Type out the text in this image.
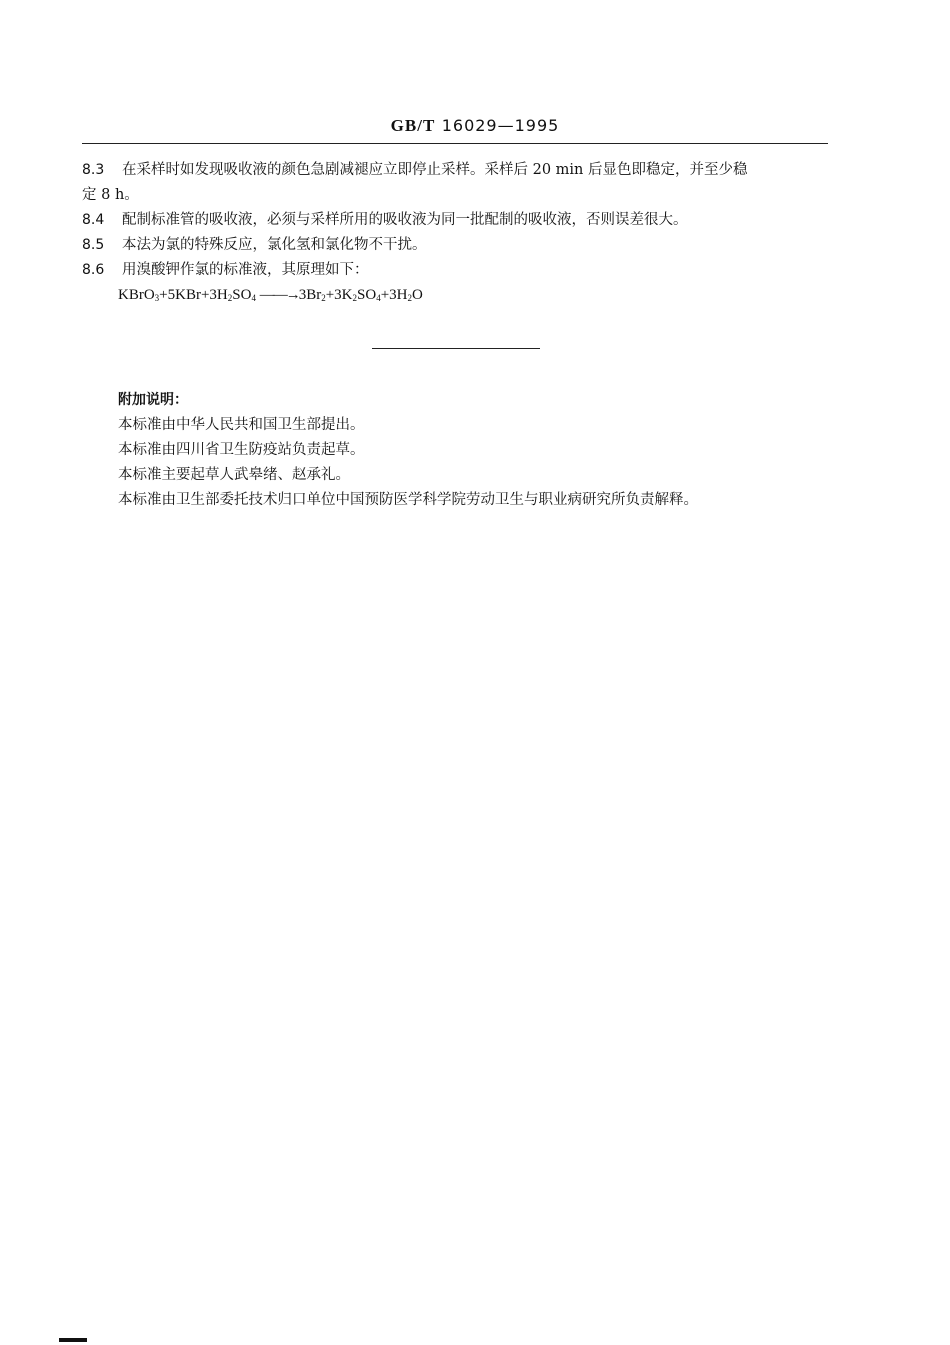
GB/T 16029—1995

8.3 在采样时如发现吸收液的颜色急剧减褪应立即停止采样。采样后 20 min 后显色即稳定，并至少稳

定 8 h。

8.4 配制标准管的吸收液，必须与采样所用的吸收液为同一批配制的吸收液，否则误差很大。

8.5 本法为氯的特殊反应，氯化氢和氯化物不干扰。

8.6 用溴酸钾作氯的标准液，其原理如下：

$KBrO_3+5KBr+3H_2SO_4$ $——\to 3Br_2+3K_2SO_4+3H_2O$

附加说明：

本标准由中华人民共和国卫生部提出。

本标准由四川省卫生防疫站负责起草。

本标准主要起草人武皋绪、赵承礼。

本标准由卫生部委托技术归口单位中国预防医学科学院劳动卫生与职业病研究所负责解释。
